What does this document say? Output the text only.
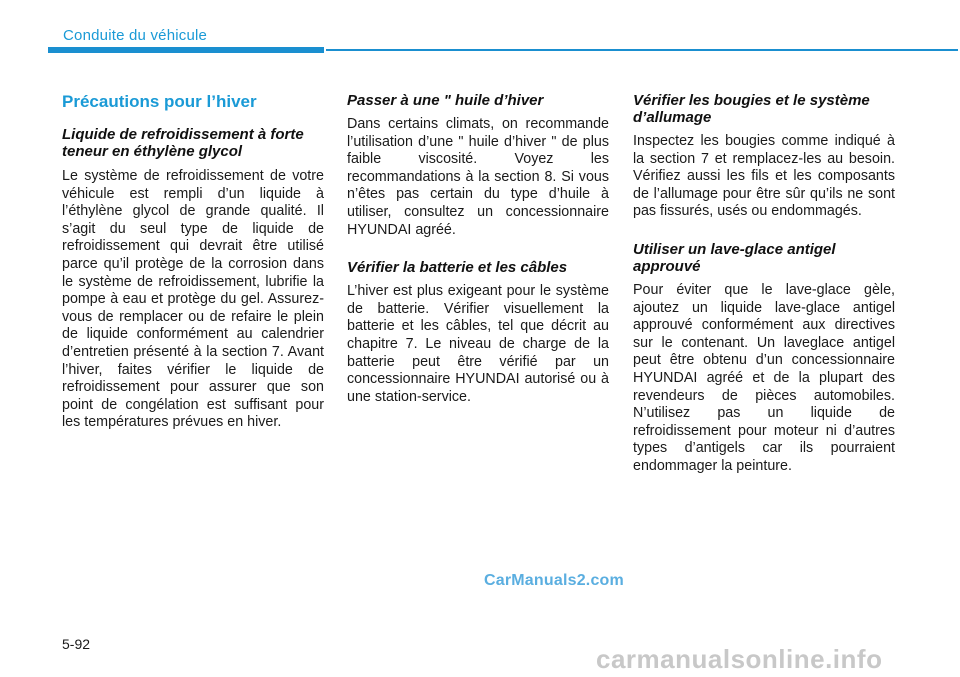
Conduite du véhicule
Précautions pour l’hiver
Liquide de refroidissement à forte teneur en éthylène glycol

Le système de refroidissement de votre véhicule est rempli d’un liquide à l’éthylène glycol de grande qualité. Il s’agit du seul type de liquide de refroidissement qui devrait être utilisé parce qu’il protège de la corrosion dans le système de refroidissement, lubrifie la pompe à eau et protège du gel. Assurez-vous de remplacer ou de refaire le plein de liquide conformément au calendrier d’entretien présenté à la section 7. Avant l’hiver, faites vérifier le liquide de refroidissement pour assurer que son point de congélation est suffisant pour les températures prévues en hiver.

Passer à une " huile d’hiver

Dans certains climats, on recommande l’utilisation d’une " huile d’hiver " de plus faible viscosité. Voyez les recommandations à la section 8. Si vous n’êtes pas certain du type d’huile à utiliser, consultez un concessionnaire HYUNDAI agréé.

Vérifier la batterie et les câbles

L’hiver est plus exigeant pour le système de batterie. Vérifier visuellement la batterie et les câbles, tel que décrit au chapitre 7. Le niveau de charge de la batterie peut être vérifié par un concessionnaire HYUNDAI autorisé ou à une station-service.

Vérifier les bougies et le système d’allumage

Inspectez les bougies comme indiqué à la section 7 et remplacez-les au besoin. Vérifiez aussi les fils et les composants de l’allumage pour être sûr qu’ils ne sont pas fissurés, usés ou endommagés.

Utiliser un lave-glace antigel approuvé

Pour éviter que le lave-glace gèle, ajoutez un liquide lave-glace antigel approuvé conformément aux directives sur le contenant. Un laveglace antigel peut être obtenu d’un concessionnaire HYUNDAI agréé et de la plupart des revendeurs de pièces automobiles. N’utilisez pas un liquide de refroidissement pour moteur ni d’autres types d’antigels car ils pourraient endommager la peinture.

CarManuals2.com
5-92	carmanualsonline.info
